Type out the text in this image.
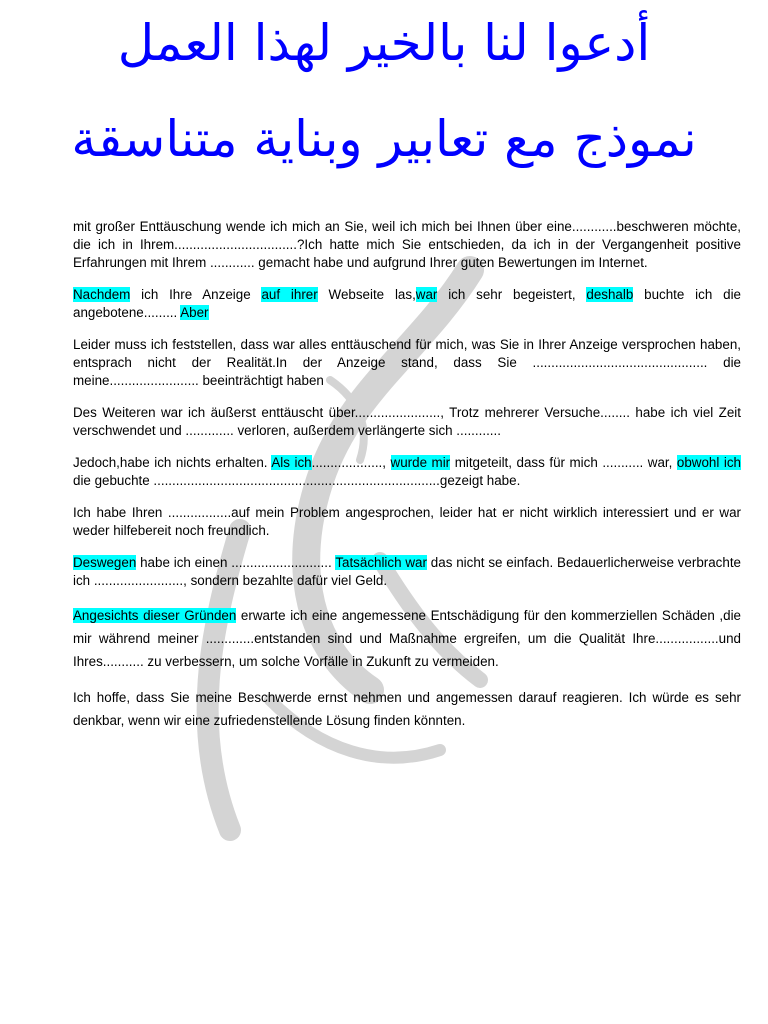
أدعوا لنا بالخير لهذا العمل
نموذج مع تعابير وبناية متناسقة

mit großer Enttäuschung wende ich mich an Sie, weil ich mich bei Ihnen über eine............beschweren möchte, die ich in Ihrem.................................?Ich hatte mich Sie entschieden, da ich in der Vergangenheit positive Erfahrungen mit Ihrem ............ gemacht habe und aufgrund Ihrer guten Bewertungen im Internet.

Nachdem ich Ihre Anzeige auf ihrer Webseite las,war ich sehr begeistert, deshalb buchte ich die angebotene......... Aber

Leider muss ich feststellen, dass war alles enttäuschend für mich, was Sie in Ihrer Anzeige versprochen haben, entsprach nicht der Realität.In der Anzeige stand, dass Sie ............................................... die meine........................ beeinträchtigt haben

Des Weiteren war ich äußerst enttäuscht über......................., Trotz mehrerer Versuche........ habe ich viel Zeit verschwendet und ............. verloren, außerdem verlängerte sich ............

Jedoch,habe ich nichts erhalten. Als ich..................., wurde mir mitgeteilt, dass für mich ........... war, obwohl ich die gebuchte .............................................................................gezeigt habe.

Ich habe Ihren .................auf mein Problem angesprochen, leider hat er nicht wirklich interessiert und er war weder hilfebereit noch freundlich.

Deswegen habe ich einen ........................... Tatsächlich war das nicht se einfach. Bedauerlicherweise verbrachte ich ........................, sondern bezahlte dafür viel Geld.

Angesichts dieser Gründen erwarte ich eine angemessene Entschädigung für den kommerziellen Schäden ,die mir während meiner .............entstanden sind und Maßnahme ergreifen, um die Qualität Ihre.................und Ihres........... zu verbessern, um solche Vorfälle in Zukunft zu vermeiden.

Ich hoffe, dass Sie meine Beschwerde ernst nehmen und angemessen darauf reagieren. Ich würde es sehr denkbar, wenn wir eine zufriedenstellende Lösung finden könnten.
